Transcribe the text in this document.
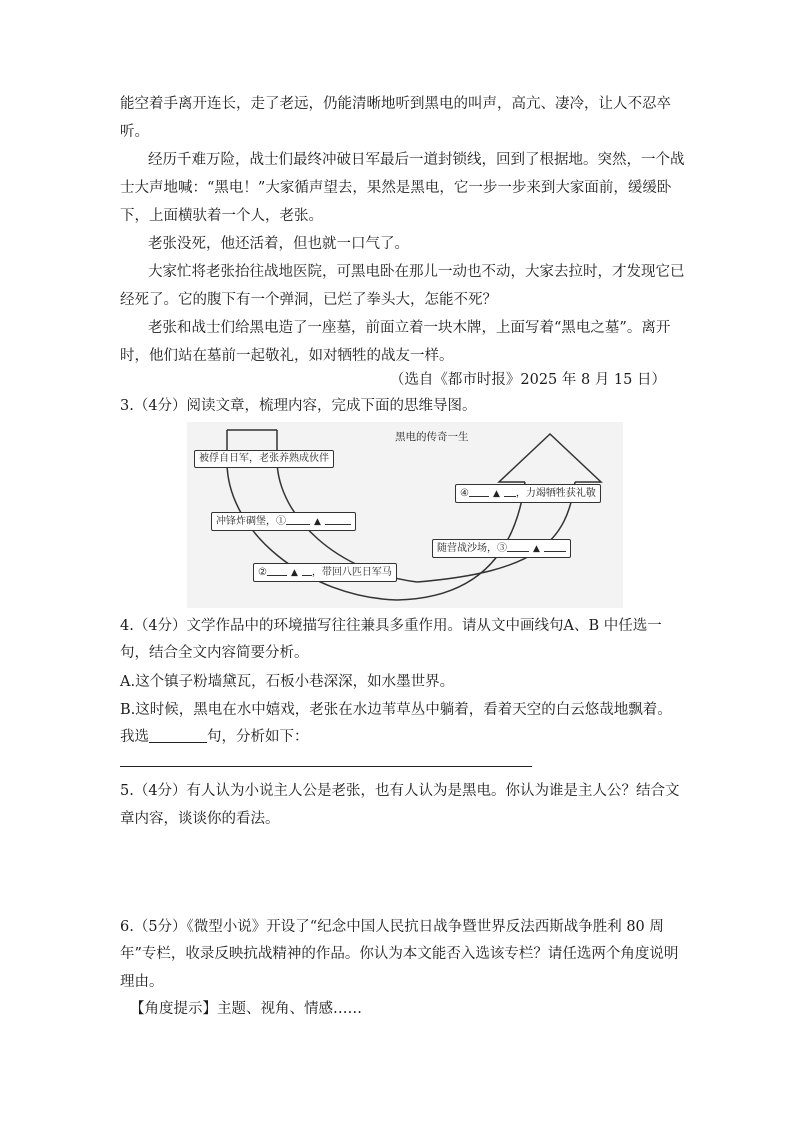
能空着手离开连长，走了老远，仍能清晰地听到黑电的叫声，高亢、凄冷，让人不忍卒
听。
经历千难万险，战士们最终冲破日军最后一道封锁线，回到了根据地。突然，一个战
士大声地喊：“黑电！”大家循声望去，果然是黑电，它一步一步来到大家面前，缓缓卧
下，上面横驮着一个人，老张。
老张没死，他还活着，但也就一口气了。
大家忙将老张抬往战地医院，可黑电卧在那儿一动也不动，大家去拉时，才发现它已
经死了。它的腹下有一个弹洞，已烂了拳头大，怎能不死？
老张和战士们给黑电造了一座墓，前面立着一块木牌，上面写着“黑电之墓”。离开
时，他们站在墓前一起敬礼，如对牺牲的战友一样。
（选自《都市时报》2025 年 8 月 15 日）
3.（4分）阅读文章，梳理内容，完成下面的思维导图。
黑电的传奇一生
被俘自日军，老张养熟成伙伴
冲锋炸碉堡，①	▲
②	▲ ，带回八匹日军马
随营战沙场，③	▲
④	▲ ，力竭牺牲获礼敬
4.（4分）文学作品中的环境描写往往兼具多重作用。请从文中画线句A、B 中任选一
句，结合全文内容简要分析。
A.这个镇子粉墙黛瓦，石板小巷深深，如水墨世界。
B.这时候，黑电在水中嬉戏，老张在水边苇草丛中躺着，看着天空的白云悠哉地飘着。
我选	句，分析如下：
5.（4分）有人认为小说主人公是老张，也有人认为是黑电。你认为谁是主人公？结合文
章内容，谈谈你的看法。
6.（5分）《微型小说》开设了“纪念中国人民抗日战争暨世界反法西斯战争胜利 80 周
年”专栏，收录反映抗战精神的作品。你认为本文能否入选该专栏？请任选两个角度说明
理由。
【角度提示】主题、视角、情感……
